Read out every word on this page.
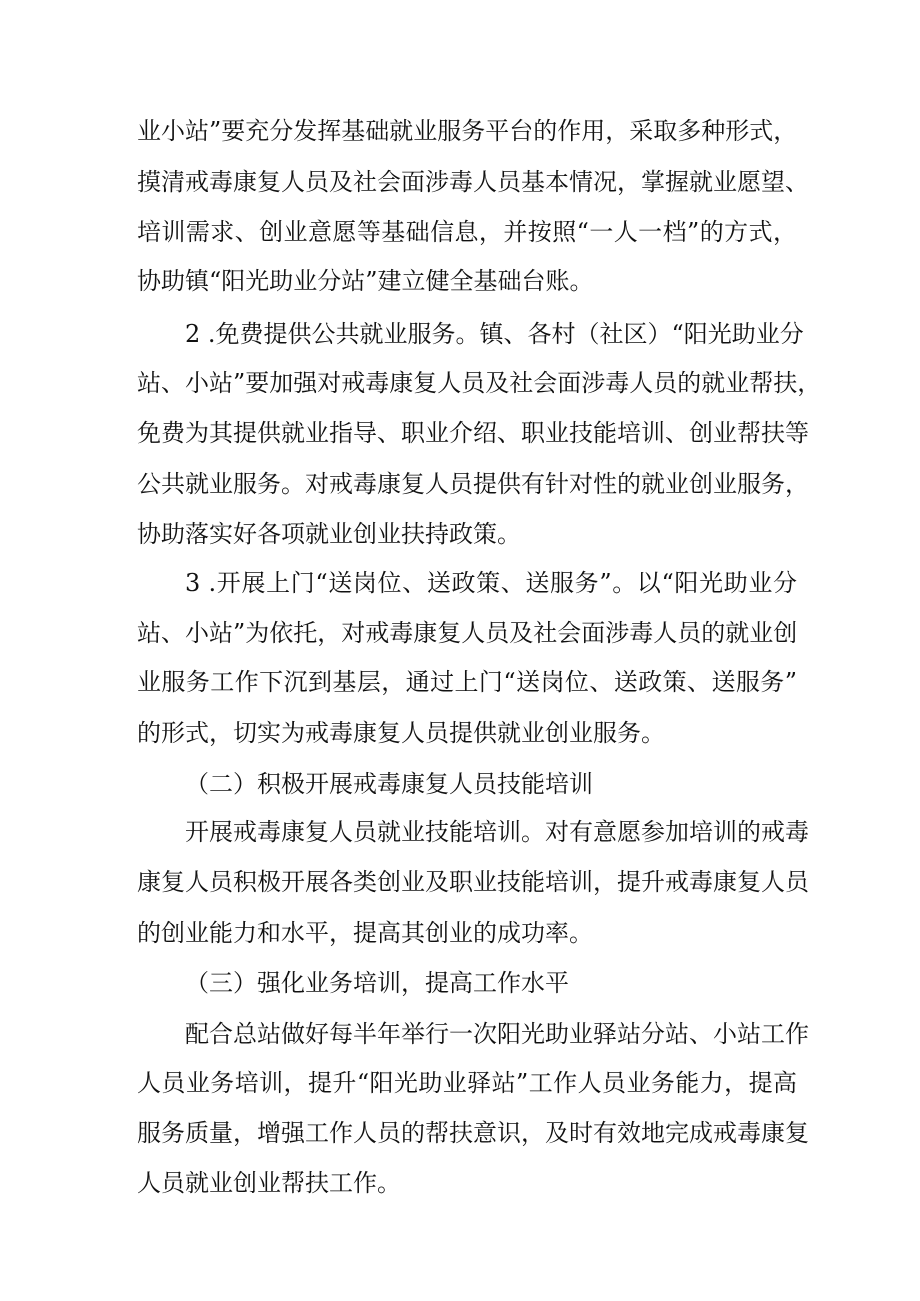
业小站”要充分发挥基础就业服务平台的作用，采取多种形式，
摸清戒毒康复人员及社会面涉毒人员基本情况，掌握就业愿望、
培训需求、创业意愿等基础信息，并按照“一人一档”的方式，
协助镇“阳光助业分站”建立健全基础台账。
2 .免费提供公共就业服务。镇、各村（社区）“阳光助业分
站、小站”要加强对戒毒康复人员及社会面涉毒人员的就业帮扶，
免费为其提供就业指导、职业介绍、职业技能培训、创业帮扶等
公共就业服务。对戒毒康复人员提供有针对性的就业创业服务，
协助落实好各项就业创业扶持政策。
3 .开展上门“送岗位、送政策、送服务”。以“阳光助业分
站、小站”为依托，对戒毒康复人员及社会面涉毒人员的就业创
业服务工作下沉到基层，通过上门“送岗位、送政策、送服务”
的形式，切实为戒毒康复人员提供就业创业服务。
（二）积极开展戒毒康复人员技能培训
开展戒毒康复人员就业技能培训。对有意愿参加培训的戒毒
康复人员积极开展各类创业及职业技能培训，提升戒毒康复人员
的创业能力和水平，提高其创业的成功率。
（三）强化业务培训，提高工作水平
配合总站做好每半年举行一次阳光助业驿站分站、小站工作
人员业务培训，提升“阳光助业驿站”工作人员业务能力，提高
服务质量，增强工作人员的帮扶意识，及时有效地完成戒毒康复
人员就业创业帮扶工作。
